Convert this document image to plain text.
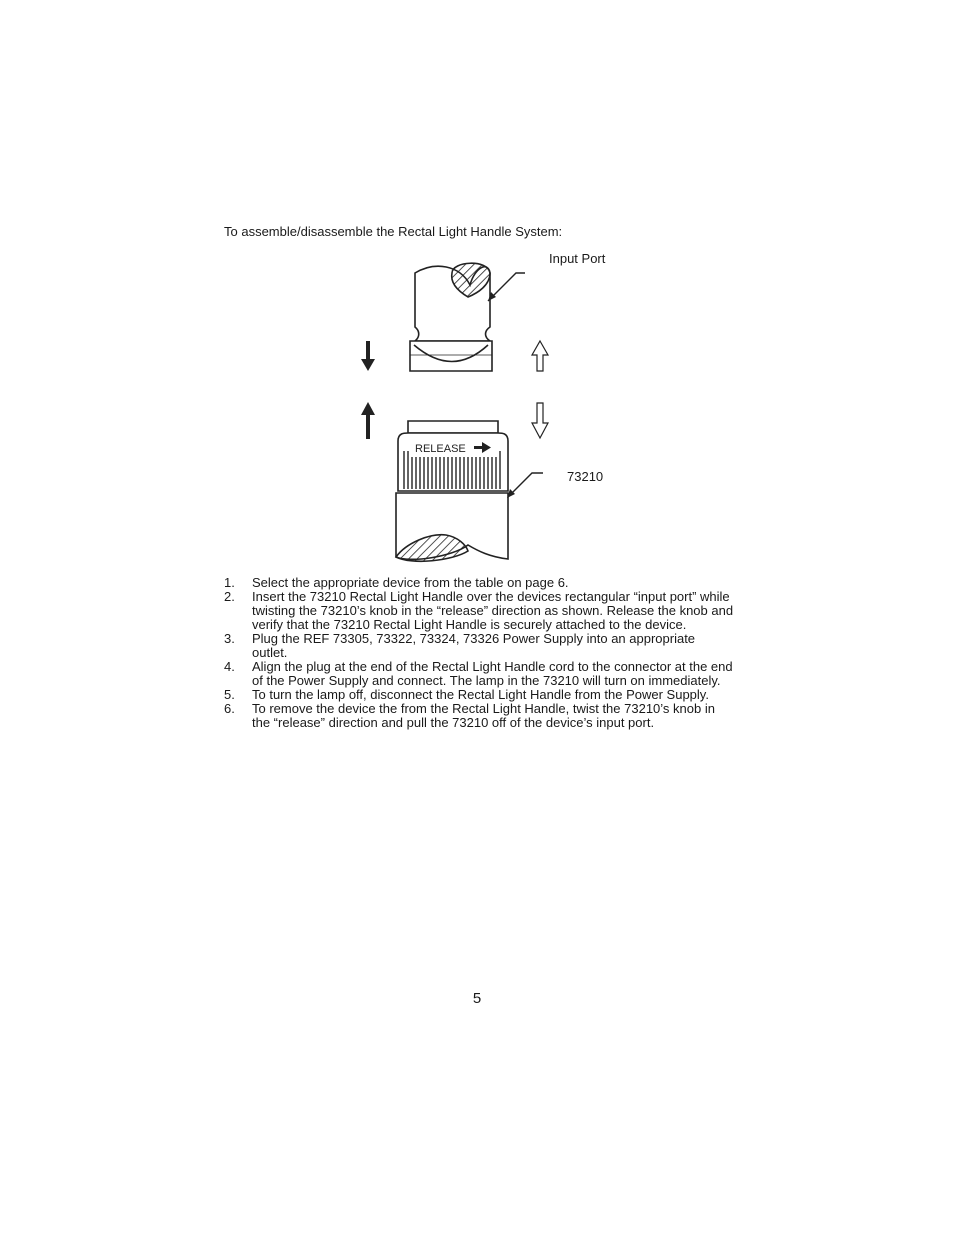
To assemble/disassemble the Rectal Light Handle System:
RELEASE
Input Port
73210
1.	Select the appropriate device from the table on page 6.
2.	Insert the 73210 Rectal Light Handle over the devices rectangular “input port” while twisting the 73210’s knob in the “release” direction as shown. Release the knob and verify that the 73210 Rectal Light Handle is securely attached to the device.
3.	Plug the REF 73305, 73322, 73324, 73326 Power Supply into an appropriate outlet.
4.	Align the plug at the end of the Rectal Light Handle cord to the connector at the end of the Power Supply and connect. The lamp in the 73210 will turn on immediately.
5.	To turn the lamp off, disconnect the Rectal Light Handle from the Power Supply.
6.	To remove the device the from the Rectal Light Handle, twist the 73210’s knob in the “release” direction and pull the 73210 off of the device’s input port.
5
